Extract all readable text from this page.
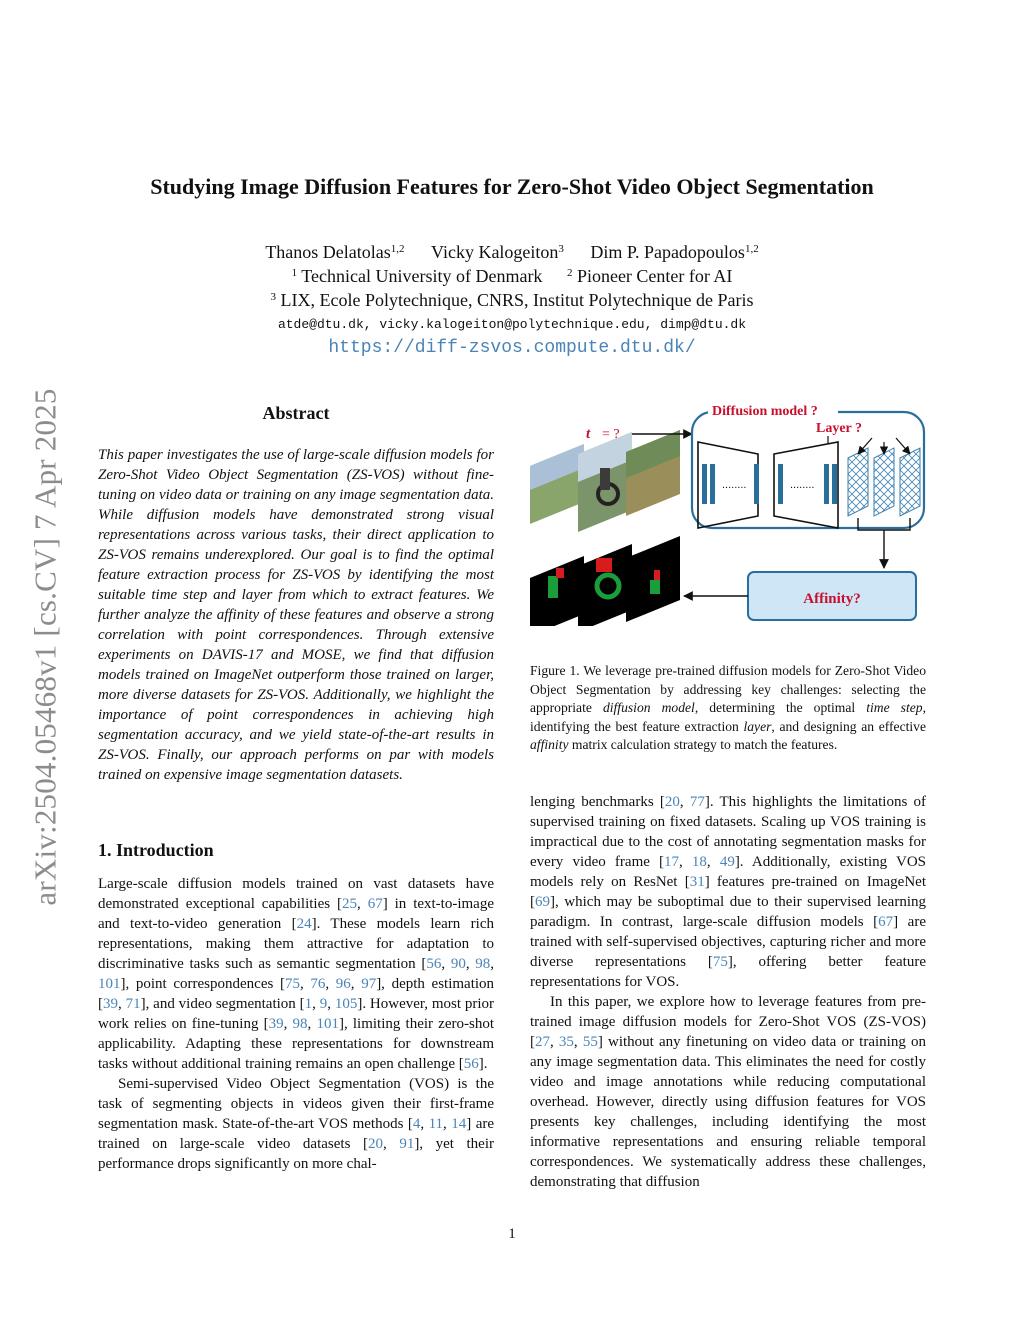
arXiv:2504.05468v1 [cs.CV] 7 Apr 2025
Studying Image Diffusion Features for Zero-Shot Video Object Segmentation
Thanos Delatolas$^{1,2}$ Vicky Kalogeiton$^3$ Dim P. Papadopoulos$^{1,2}$
$^1$ Technical University of Denmark $^2$ Pioneer Center for AI
$^3$ LIX, Ecole Polytechnique, CNRS, Institut Polytechnique de Paris
atde@dtu.dk, vicky.kalogeiton@polytechnique.edu, dimp@dtu.dk
https://diff-zsvos.compute.dtu.dk/
Abstract
This paper investigates the use of large-scale diffusion models for Zero-Shot Video Object Segmentation (ZS-VOS) without fine-tuning on video data or training on any image segmentation data. While diffusion models have demonstrated strong visual representations across various tasks, their direct application to ZS-VOS remains underexplored. Our goal is to find the optimal feature extraction process for ZS-VOS by identifying the most suitable time step and layer from which to extract features. We further analyze the affinity of these features and observe a strong correlation with point correspondences. Through extensive experiments on DAVIS-17 and MOSE, we find that diffusion models trained on ImageNet outperform those trained on larger, more diverse datasets for ZS-VOS. Additionally, we highlight the importance of point correspondences in achieving high segmentation accuracy, and we yield state-of-the-art results in ZS-VOS. Finally, our approach performs on par with models trained on expensive image segmentation datasets.
1. Introduction

Large-scale diffusion models trained on vast datasets have demonstrated exceptional capabilities [25, 67] in text-to-image and text-to-video generation [24]. These models learn rich representations, making them attractive for adaptation to discriminative tasks such as semantic segmentation [56, 90, 98, 101], point correspondences [75, 76, 96, 97], depth estimation [39, 71], and video segmentation [1, 9, 105]. However, most prior work relies on fine-tuning [39, 98, 101], limiting their zero-shot applicability. Adapting these representations for downstream tasks without additional training remains an open challenge [56].

Semi-supervised Video Object Segmentation (VOS) is the task of segmenting objects in videos given their first-frame segmentation mask. State-of-the-art VOS methods [4, 11, 14] are trained on large-scale video datasets [20, 91], yet their performance drops significantly on more chal-

lenging benchmarks [20, 77]. This highlights the limitations of supervised training on fixed datasets. Scaling up VOS training is impractical due to the cost of annotating segmentation masks for every video frame [17, 18, 49]. Additionally, existing VOS models rely on ResNet [31] features pre-trained on ImageNet [69], which may be suboptimal due to their supervised learning paradigm. In contrast, large-scale diffusion models [67] are trained with self-supervised objectives, capturing richer and more diverse representations [75], offering better feature representations for VOS.

In this paper, we explore how to leverage features from pre-trained image diffusion models for Zero-Shot VOS (ZS-VOS) [27, 35, 55] without any finetuning on video data or training on any image segmentation data. This eliminates the need for costly video and image annotations while reducing computational overhead. However, directly using diffusion features for VOS presents key challenges, including identifying the most informative representations and ensuring reliable temporal correspondences. We systematically address these challenges, demonstrating that diffusion

Figure 1. We leverage pre-trained diffusion models for Zero-Shot Video Object Segmentation by addressing key challenges: selecting the appropriate diffusion model, determining the optimal time step, identifying the best feature extraction layer, and designing an effective affinity matrix calculation strategy to match the features.
t = ?
Diffusion model ?
........	........
Layer ?
Affinity?
1
